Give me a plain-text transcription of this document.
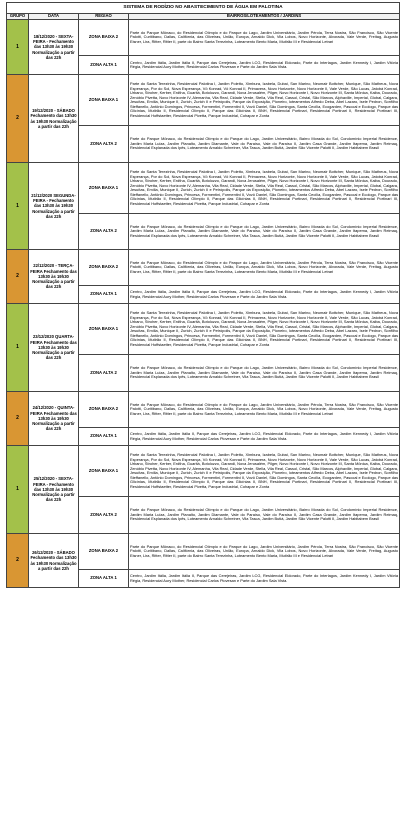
SISTEMA DE RODÍZIO NO ABASTECIMENTO DE ÁGUA EM PALOTINA			
GRUPO	DATA	REGIAO	BAIRROS/LOTEAMENTOS / JARDINS
1	18/12/2020 - SEXTA-FEIRA - Fechamento das 13h30 às 19h30 Normalização a partir das 22h	ZONA BAIXA 2	Parte do Parque Mônaco, do Residencial Olímpio e do Parque do Lago, Jardim Universitário, Jardim Pérola, Terra Nostra, São Francisco, São Vicente Palotti, Curitibano, Dallas, Califórnia, das Oliveiras, União, Europa, Arnaldo Dick, Vila Lobos, Novo Horizonte, Alvorada, Vale Verde, Freitag, Augusto Eisner, Lira, Ritter, Ritter II, parte do Bairro Santa Terezinha, Loteamento Bento Maria, Mutirão III e Residencial Letrari
		ZONA ALTA 1	Centro, Jardim Itália, Jardim Itália II, Parque das Cerejeiras, Jardim LCG, Residencial Eldorado, Parte do Interlagos, Jardim Kennedy I, Jardim Vitória Régia, Residencial Aury Mother, Residencial Carlos Piovesan e Parte do Jardim Sala Vista.
2	19/12/2020 - SÁBADO Fechamento das 13h30 às 19h30 Normalização a partir das 22h	ZONA BAIXA 1	Parte do Santa Terezinha, Residencial Palotina I, Jardim Poletto, Ximbura, Izabela, Dubai, San Marino, Neumair Bottcher, Munique, São Matheus, Nova Esperança, Por do Sol, Nova Esperança, Vô Konrad, Vô Konrad II, Primavera, Novo Horizonte, Novo Horizonte II, Vale Verde, São Lucas, Jatobá Konrad, Urbano, Stroher, Kerber, Erdtha, Guaritá, Botolozzo, Garandi, Nova Jerusalém, Pilger, Novo Horizonte I, Novo Horizonte III, Santa Mônica, Kaiba, Dourado, Zenóbio Pivetta, Novo Horizonte IV, Alemanha, Vila Real, Cidade Verde, Stella, Vila Real, Cassol, Cristal, São Marcos, Alphaville, Imperial, Global, Calgara, Jesuítas, Emília, Munique II, Zurich, Zurich II e Petrópolis, Parque da Exposição, Pioneiro, loteamentos Alfredo Deba, Abel Lazaro, Isele Pedron, Sonfilho Steffanello, Antônio Domingos, Princesa, Formentini, Formentini II, Vovô Daniel, São Domingos, Santa Cecília, Ecogarden, Pascoal e Ecologo, Parque das Glicínias, Mutirão II, Residencial Olímpio II, Parque das Glicínias II, BNH, Residencial Portinari, Residencial Portinari II, Residencial Portinari III, Residencial Hoffstaetter, Residencial Pivetta, Parque Industrial, Cohapar e Zonta
		ZONA ALTA 2	Parte do Parque Mônaco, do Residencial Olímpio e do Parque do Lago, Jardim Universitário, Bairro Morada do Sol, Condomínio Imperial Residence, Jardim Maria Luiza, Jardim Planalto, Jardim Diamante, Vale do Paraíso, Vale do Paraíso II, Jardim Casa Grande, Jardim Itapema, Jardim Reimaq, Residencial Esplanada dos Ipês, Loteamento Arnaldo Schreiner, Vila Tasca, Jardim Butiá, Jardim São Vicente Palotti II, Jardim Habitabem Brasil
1	21/12/2020 SEGUNDA-FEIRA - Fechamento das 13h30 às 19h30 Normalização a partir das 22h	ZONA BAIXA 1	Parte do Santa Terezinha, Residencial Palotina I, Jardim Poletto, Ximbura, Izabela, Dubai, San Marino, Neumair Bottcher, Munique, São Matheus, Nova Esperança, Por do Sol, Nova Esperança, Vô Konrad, Vô Konrad II, Primavera, Novo Horizonte, Novo Horizonte II, Vale Verde, São Lucas, Jatobá Konrad, Urbano, Stroher, Kerber, Erdtha, Guaritá, Botolozzo, Garandi, Nova Jerusalém, Pilger, Novo Horizonte I, Novo Horizonte III, Santa Mônica, Kaiba, Dourado, Zenóbio Pivetta, Novo Horizonte IV, Alemanha, Vila Real, Cidade Verde, Stella, Vila Real, Cassol, Cristal, São Marcos, Alphaville, Imperial, Global, Calgara, Jesuítas, Emília, Munique II, Zurich, Zurich II e Petrópolis, Parque da Exposição, Pioneiro, loteamentos Alfredo Deba, Abel Lazaro, Isele Pedron, Sonfilho Steffanello, Antônio Domingos, Princesa, Formentini, Formentini II, Vovô Daniel, São Domingos, Santa Cecília, Ecogarden, Pascoal e Ecologo, Parque das Glicínias, Mutirão II, Residencial Olímpio II, Parque das Glicínias II, BNH, Residencial Portinari, Residencial Portinari II, Residencial Portinari III, Residencial Hoffstaetter, Residencial Pivetta, Parque Industrial, Cohapar e Zonta
		ZONA ALTA 2	Parte do Parque Mônaco, do Residencial Olímpio e do Parque do Lago, Jardim Universitário, Bairro Morada do Sol, Condomínio Imperial Residence, Jardim Maria Luiza, Jardim Planalto, Jardim Diamante, Vale do Paraíso, Vale do Paraíso II, Jardim Casa Grande, Jardim Itapema, Jardim Reimaq, Residencial Esplanada dos Ipês, Loteamento Arnaldo Schreiner, Vila Tasca, Jardim Butiá, Jardim São Vicente Palotti II, Jardim Habitabem Brasil
2	22/12/2020 - TERÇA-FEIRA Fechamento das 13h30 às 19h30 Normalização a partir das 22h	ZONA BAIXA 2	Parte do Parque Mônaco, do Residencial Olímpio e do Parque do Lago, Jardim Universitário, Jardim Pérola, Terra Nostra, São Francisco, São Vicente Palotti, Curitibano, Dallas, Califórnia, das Oliveiras, União, Europa, Arnaldo Dick, Vila Lobos, Novo Horizonte, Alvorada, Vale Verde, Freitag, Augusto Eisner, Lira, Ritter, Ritter II, parte do Bairro Santa Terezinha, Loteamento Bento Maria, Mutirão III e Residencial Letrari
		ZONA ALTA 1	Centro, Jardim Itália, Jardim Itália II, Parque das Cerejeiras, Jardim LCG, Residencial Eldorado, Parte do Interlagos, Jardim Kennedy I, Jardim Vitória Régia, Residencial Aury Mother, Residencial Carlos Piovesan e Parte do Jardim Sala Vista.
1	23/12/2020 QUARTA-FEIRA Fechamento das 13h30 às 19h30 Normalização a partir das 22h	ZONA BAIXA 1	Parte do Santa Terezinha, Residencial Palotina I, Jardim Poletto, Ximbura, Izabela, Dubai, San Marino, Neumair Bottcher, Munique, São Matheus, Nova Esperança, Por do Sol, Nova Esperança, Vô Konrad, Vô Konrad II, Primavera, Novo Horizonte, Novo Horizonte II, Vale Verde, São Lucas, Jatobá Konrad, Urbano, Stroher, Kerber, Erdtha, Guaritá, Botolozzo, Garandi, Nova Jerusalém, Pilger, Novo Horizonte I, Novo Horizonte III, Santa Mônica, Kaiba, Dourado, Zenóbio Pivetta, Novo Horizonte IV, Alemanha, Vila Real, Cidade Verde, Stella, Vila Real, Cassol, Cristal, São Marcos, Alphaville, Imperial, Global, Calgara, Jesuítas, Emília, Munique II, Zurich, Zurich II e Petrópolis, Parque da Exposição, Pioneiro, loteamentos Alfredo Deba, Abel Lazaro, Isele Pedron, Sonfilho Steffanello, Antônio Domingos, Princesa, Formentini, Formentini II, Vovô Daniel, São Domingos, Santa Cecília, Ecogarden, Pascoal e Ecologo, Parque das Glicínias, Mutirão II, Residencial Olímpio II, Parque das Glicínias II, BNH, Residencial Portinari, Residencial Portinari II, Residencial Portinari III, Residencial Hoffstaetter, Residencial Pivetta, Parque Industrial, Cohapar e Zonta
		ZONA ALTA 2	Parte do Parque Mônaco, do Residencial Olímpio e do Parque do Lago, Jardim Universitário, Bairro Morada do Sol, Condomínio Imperial Residence, Jardim Maria Luiza, Jardim Planalto, Jardim Diamante, Vale do Paraíso, Vale do Paraíso II, Jardim Casa Grande, Jardim Itapema, Jardim Reimaq, Residencial Esplanada dos Ipês, Loteamento Arnaldo Schreiner, Vila Tasca, Jardim Butiá, Jardim São Vicente Palotti II, Jardim Habitabem Brasil
2	24/12/2020 - QUINTA-FEIRA Fechamento das 13h30 às 19h30 Normalização a partir das 22h	ZONA BAIXA 2	Parte do Parque Mônaco, do Residencial Olímpio e do Parque do Lago, Jardim Universitário, Jardim Pérola, Terra Nostra, São Francisco, São Vicente Palotti, Curitibano, Dallas, Califórnia, das Oliveiras, União, Europa, Arnaldo Dick, Vila Lobos, Novo Horizonte, Alvorada, Vale Verde, Freitag, Augusto Eisner, Lira, Ritter, Ritter II, parte do Bairro Santa Terezinha, Loteamento Bento Maria, Mutirão III e Residencial Letrari
		ZONA ALTA 1	Centro, Jardim Itália, Jardim Itália II, Parque das Cerejeiras, Jardim LCG, Residencial Eldorado, Parte do Interlagos, Jardim Kennedy I, Jardim Vitória Régia, Residencial Aury Mother, Residencial Carlos Piovesan e Parte do Jardim Sala Vista.
1	25/12/2020 - SEXTA-FEIRA - Fechamento das 13h30 às 19h30 Normalização a partir das 22h	ZONA BAIXA 1	Parte do Santa Terezinha, Residencial Palotina I, Jardim Poletto, Ximbura, Izabela, Dubai, San Marino, Neumair Bottcher, Munique, São Matheus, Nova Esperança, Por do Sol, Nova Esperança, Vô Konrad, Vô Konrad II, Primavera, Novo Horizonte, Novo Horizonte II, Vale Verde, São Lucas, Jatobá Konrad, Urbano, Stroher, Kerber, Erdtha, Guaritá, Botolozzo, Garandi, Nova Jerusalém, Pilger, Novo Horizonte I, Novo Horizonte III, Santa Mônica, Kaiba, Dourado, Zenóbio Pivetta, Novo Horizonte IV, Alemanha, Vila Real, Cidade Verde, Stella, Vila Real, Cassol, Cristal, São Marcos, Alphaville, Imperial, Global, Calgara, Jesuítas, Emília, Munique II, Zurich, Zurich II e Petrópolis, Parque da Exposição, Pioneiro, loteamentos Alfredo Deba, Abel Lazaro, Isele Pedron, Sonfilho Steffanello, Antônio Domingos, Princesa, Formentini, Formentini II, Vovô Daniel, São Domingos, Santa Cecília, Ecogarden, Pascoal e Ecologo, Parque das Glicínias, Mutirão II, Residencial Olímpio II, Parque das Glicínias II, BNH, Residencial Portinari, Residencial Portinari II, Residencial Portinari III, Residencial Hoffstaetter, Residencial Pivetta, Parque Industrial, Cohapar e Zonta
		ZONA ALTA 2	Parte do Parque Mônaco, do Residencial Olímpio e do Parque do Lago, Jardim Universitário, Bairro Morada do Sol, Condomínio Imperial Residence, Jardim Maria Luiza, Jardim Planalto, Jardim Diamante, Vale do Paraíso, Vale do Paraíso II, Jardim Casa Grande, Jardim Itapema, Jardim Reimaq, Residencial Esplanada dos Ipês, Loteamento Arnaldo Schreiner, Vila Tasca, Jardim Butiá, Jardim São Vicente Palotti II, Jardim Habitabem Brasil
2	26/12/2020 - SÁBADO Fechamento das 13h30 às 19h30 Normalização a partir das 22h	ZONA BAIXA 2	Parte do Parque Mônaco, do Residencial Olímpio e do Parque do Lago, Jardim Universitário, Jardim Pérola, Terra Nostra, São Francisco, São Vicente Palotti, Curitibano, Dallas, Califórnia, das Oliveiras, União, Europa, Arnaldo Dick, Vila Lobos, Novo Horizonte, Alvorada, Vale Verde, Freitag, Augusto Eisner, Lira, Ritter, Ritter II, parte do Bairro Santa Terezinha, Loteamento Bento Maria, Mutirão III e Residencial Letrari
		ZONA ALTA 1	Centro, Jardim Itália, Jardim Itália II, Parque das Cerejeiras, Jardim LCG, Residencial Eldorado, Parte do Interlagos, Jardim Kennedy I, Jardim Vitória Régia, Residencial Aury Mother, Residencial Carlos Piovesan e Parte do Jardim Sala Vista.
